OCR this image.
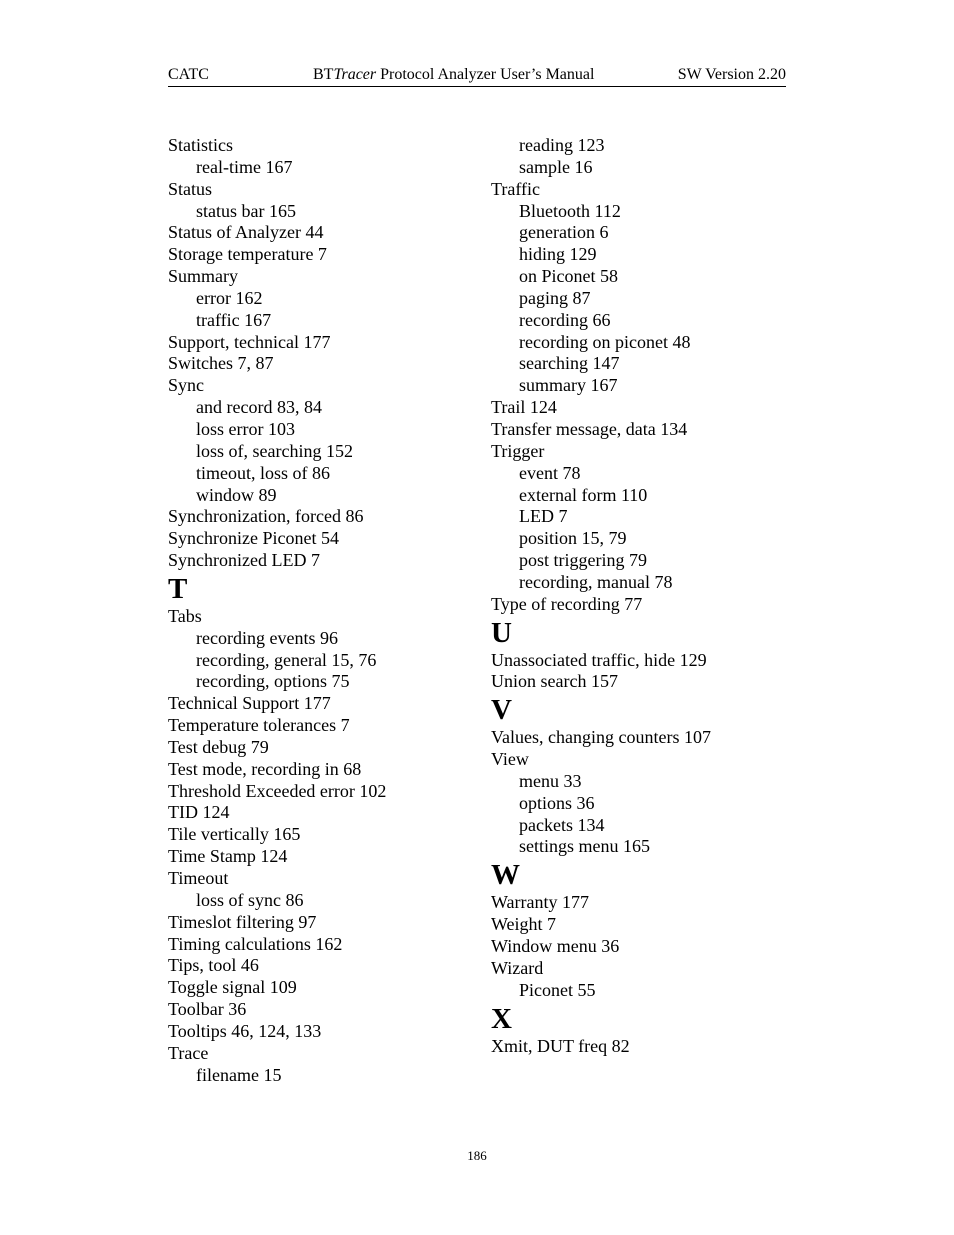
CATC	BTTracer Protocol Analyzer User’s Manual	SW Version 2.20
Statistics
real-time 167
Status
status bar 165
Status of Analyzer 44
Storage temperature 7
Summary
error 162
traffic 167
Support, technical 177
Switches 7, 87
Sync
and record 83, 84
loss error 103
loss of, searching 152
timeout, loss of 86
window 89
Synchronization, forced 86
Synchronize Piconet 54
Synchronized LED 7
T
Tabs
recording events 96
recording, general 15, 76
recording, options 75
Technical Support 177
Temperature tolerances 7
Test debug 79
Test mode, recording in 68
Threshold Exceeded error 102
TID 124
Tile vertically 165
Time Stamp 124
Timeout
loss of sync 86
Timeslot filtering 97
Timing calculations 162
Tips, tool 46
Toggle signal 109
Toolbar 36
Tooltips 46, 124, 133
Trace
filename 15
reading 123
sample 16
Traffic
Bluetooth 112
generation 6
hiding 129
on Piconet 58
paging 87
recording 66
recording on piconet 48
searching 147
summary 167
Trail 124
Transfer message, data 134
Trigger
event 78
external form 110
LED 7
position 15, 79
post triggering 79
recording, manual 78
Type of recording 77
U
Unassociated traffic, hide 129
Union search 157
V
Values, changing counters 107
View
menu 33
options 36
packets 134
settings menu 165
W
Warranty 177
Weight 7
Window menu 36
Wizard
Piconet 55
X
Xmit, DUT freq 82
186
